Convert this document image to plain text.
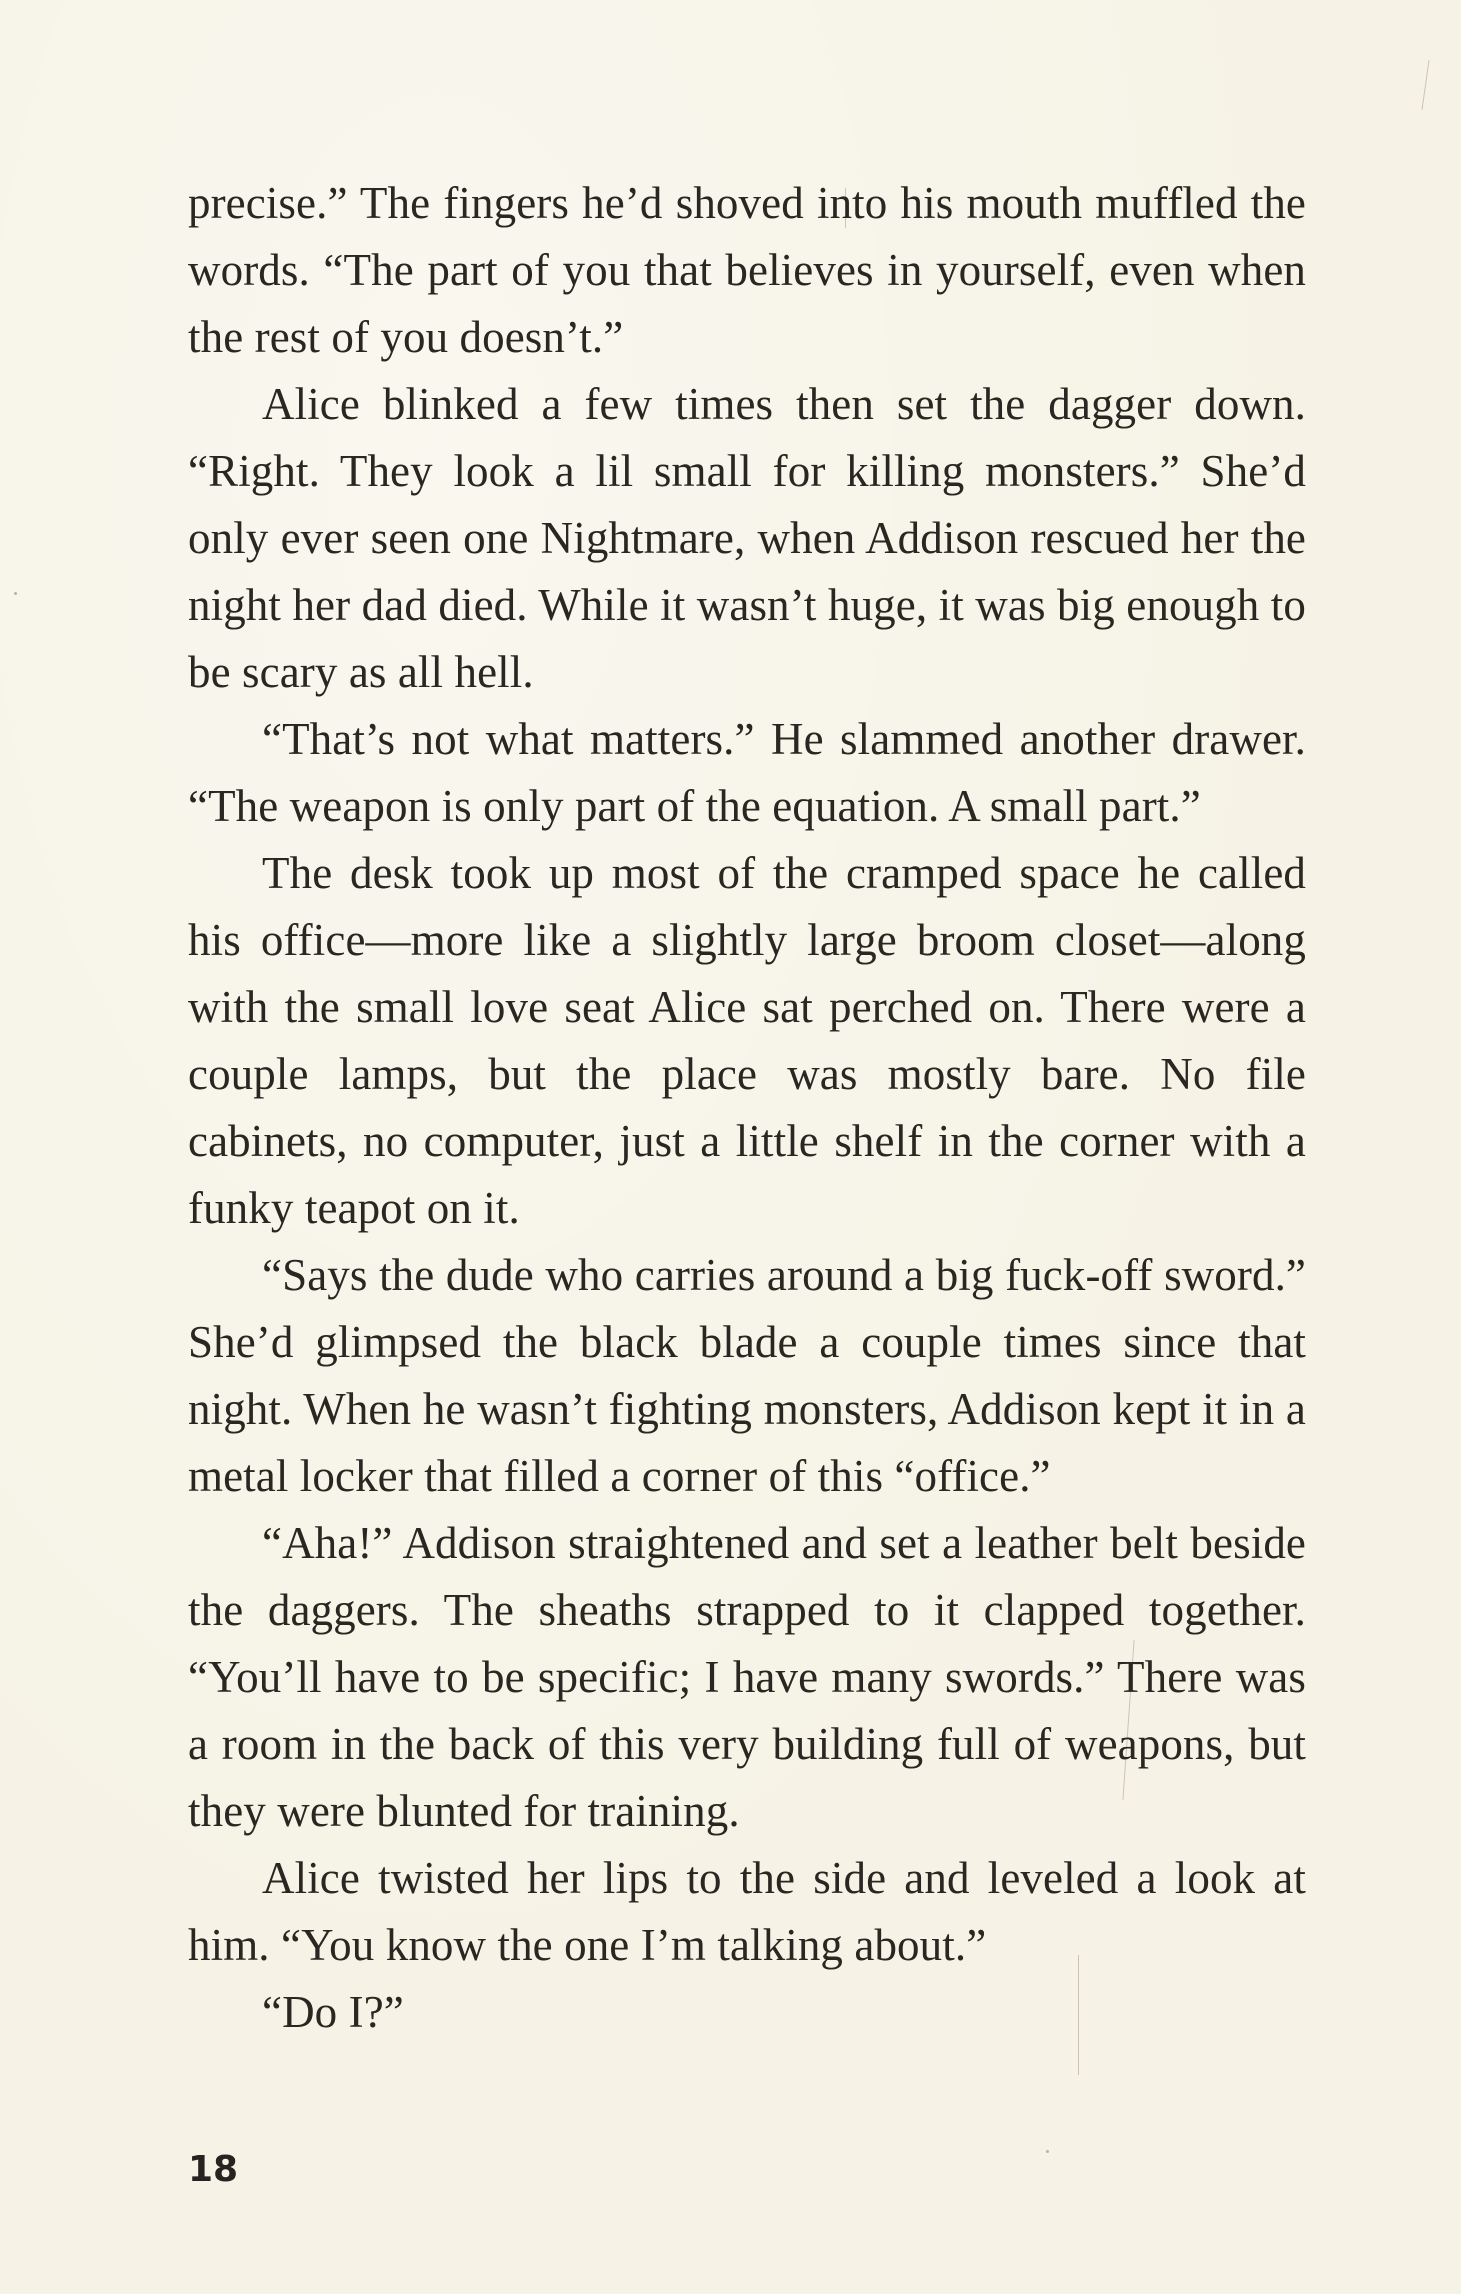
precise.” The fingers he’d shoved into his mouth muffled the words. “The part of you that believes in yourself, even when the rest of you doesn’t.”

Alice blinked a few times then set the dagger down. “Right. They look a lil small for killing monsters.” She’d only ever seen one Nightmare, when Addison rescued her the night her dad died. While it wasn’t huge, it was big enough to be scary as all hell.

“That’s not what matters.” He slammed another drawer. “The weapon is only part of the equation. A small part.”

The desk took up most of the cramped space he called his office—more like a slightly large broom closet—along with the small love seat Alice sat perched on. There were a couple lamps, but the place was mostly bare. No file cabinets, no computer, just a little shelf in the corner with a funky teapot on it.

“Says the dude who carries around a big fuck-off sword.” She’d glimpsed the black blade a couple times since that night. When he wasn’t fighting monsters, Addison kept it in a metal locker that filled a corner of this “office.”

“Aha!” Addison straightened and set a leather belt beside the daggers. The sheaths strapped to it clapped together. “You’ll have to be specific; I have many swords.” There was a room in the back of this very building full of weapons, but they were blunted for training.

Alice twisted her lips to the side and leveled a look at him. “You know the one I’m talking about.”

“Do I?”

18
